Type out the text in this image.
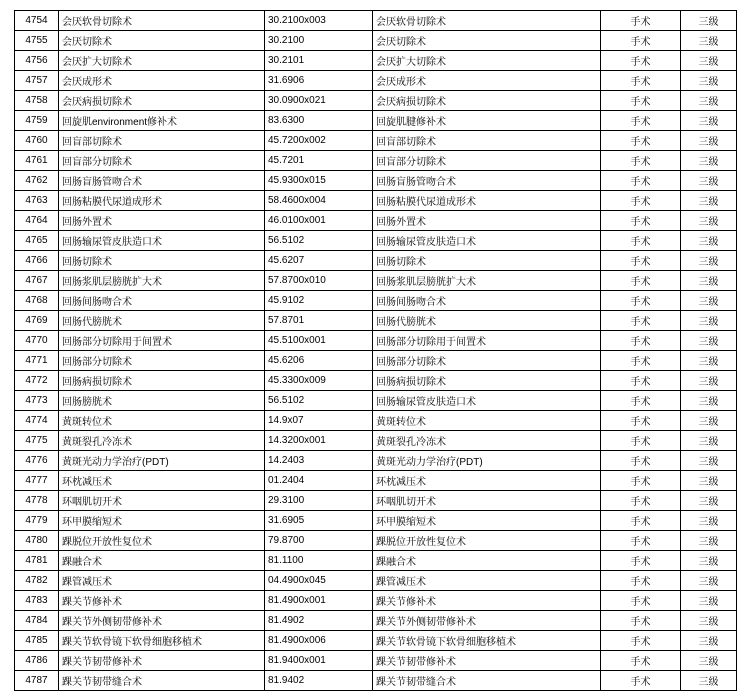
4754	会厌软骨切除术	30.2100x003	会厌软骨切除术	手术	三级
4755	会厌切除术	30.2100	会厌切除术	手术	三级
4756	会厌扩大切除术	30.2101	会厌扩大切除术	手术	三级
4757	会厌成形术	31.6906	会厌成形术	手术	三级
4758	会厌病损切除术	30.0900x021	会厌病损切除术	手术	三级
4759	回旋肌environment修补术	83.6300	回旋肌腱修补术	手术	三级
4760	回盲部切除术	45.7200x002	回盲部切除术	手术	三级
4761	回盲部分切除术	45.7201	回盲部分切除术	手术	三级
4762	回肠盲肠管吻合术	45.9300x015	回肠盲肠管吻合术	手术	三级
4763	回肠粘膜代尿道成形术	58.4600x004	回肠粘膜代尿道成形术	手术	三级
4764	回肠外置术	46.0100x001	回肠外置术	手术	三级
4765	回肠输尿管皮肤造口术	56.5102	回肠输尿管皮肤造口术	手术	三级
4766	回肠切除术	45.6207	回肠切除术	手术	三级
4767	回肠浆肌层膀胱扩大术	57.8700x010	回肠浆肌层膀胱扩大术	手术	三级
4768	回肠间肠吻合术	45.9102	回肠间肠吻合术	手术	三级
4769	回肠代膀胱术	57.8701	回肠代膀胱术	手术	三级
4770	回肠部分切除用于间置术	45.5100x001	回肠部分切除用于间置术	手术	三级
4771	回肠部分切除术	45.6206	回肠部分切除术	手术	三级
4772	回肠病损切除术	45.3300x009	回肠病损切除术	手术	三级
4773	回肠膀胱术	56.5102	回肠输尿管皮肤造口术	手术	三级
4774	黄斑转位术	14.9x07	黄斑转位术	手术	三级
4775	黄斑裂孔冷冻术	14.3200x001	黄斑裂孔冷冻术	手术	三级
4776	黄斑光动力学治疗(PDT)	14.2403	黄斑光动力学治疗(PDT)	手术	三级
4777	环枕减压术	01.2404	环枕减压术	手术	三级
4778	环咽肌切开术	29.3100	环咽肌切开术	手术	三级
4779	环甲膜缩短术	31.6905	环甲膜缩短术	手术	三级
4780	踝脱位开放性复位术	79.8700	踝脱位开放性复位术	手术	三级
4781	踝融合术	81.1100	踝融合术	手术	三级
4782	踝管减压术	04.4900x045	踝管减压术	手术	三级
4783	踝关节修补术	81.4900x001	踝关节修补术	手术	三级
4784	踝关节外侧韧带修补术	81.4902	踝关节外侧韧带修补术	手术	三级
4785	踝关节软骨镜下软骨细胞移植术	81.4900x006	踝关节软骨镜下软骨细胞移植术	手术	三级
4786	踝关节韧带修补术	81.9400x001	踝关节韧带修补术	手术	三级
4787	踝关节韧带缝合术	81.9402	踝关节韧带缝合术	手术	三级
